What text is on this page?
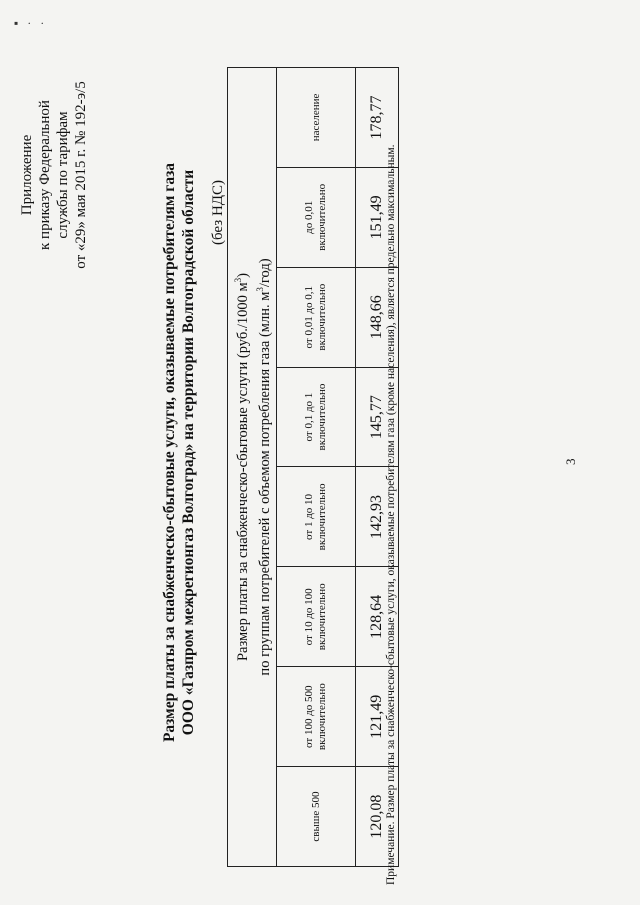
▪ · ·
Приложение к приказу Федеральной службы по тарифам от «29» мая 2015 г. № 192-э/5	Размер платы за снабженческо-сбытовые услуги, оказываемые потребителям газа ООО «Газпром межрегионгаз Волгоград» на территории Волгоградской области (без НДС)
Размер платы за снабженческо-сбытовые услуги (руб./1000 $м^3$)
по группам потребителей с объемом потребления газа (млн. $м^3/год$)							

свыше 500	от 100 до 500 включительно	от 10 до 100 включительно	от 1 до 10 включительно	от 0,1 до 1 включительно	от 0,01 до 0,1 включительно	до 0,01 включительно	население
120,08	121,49	128,64	142,93	145,77	148,66	151,49	178,77
Примечание. Размер платы за снабженческо-сбытовые услуги, оказываемые потребителям газа (кроме населения), является предельно максимальным.	3
